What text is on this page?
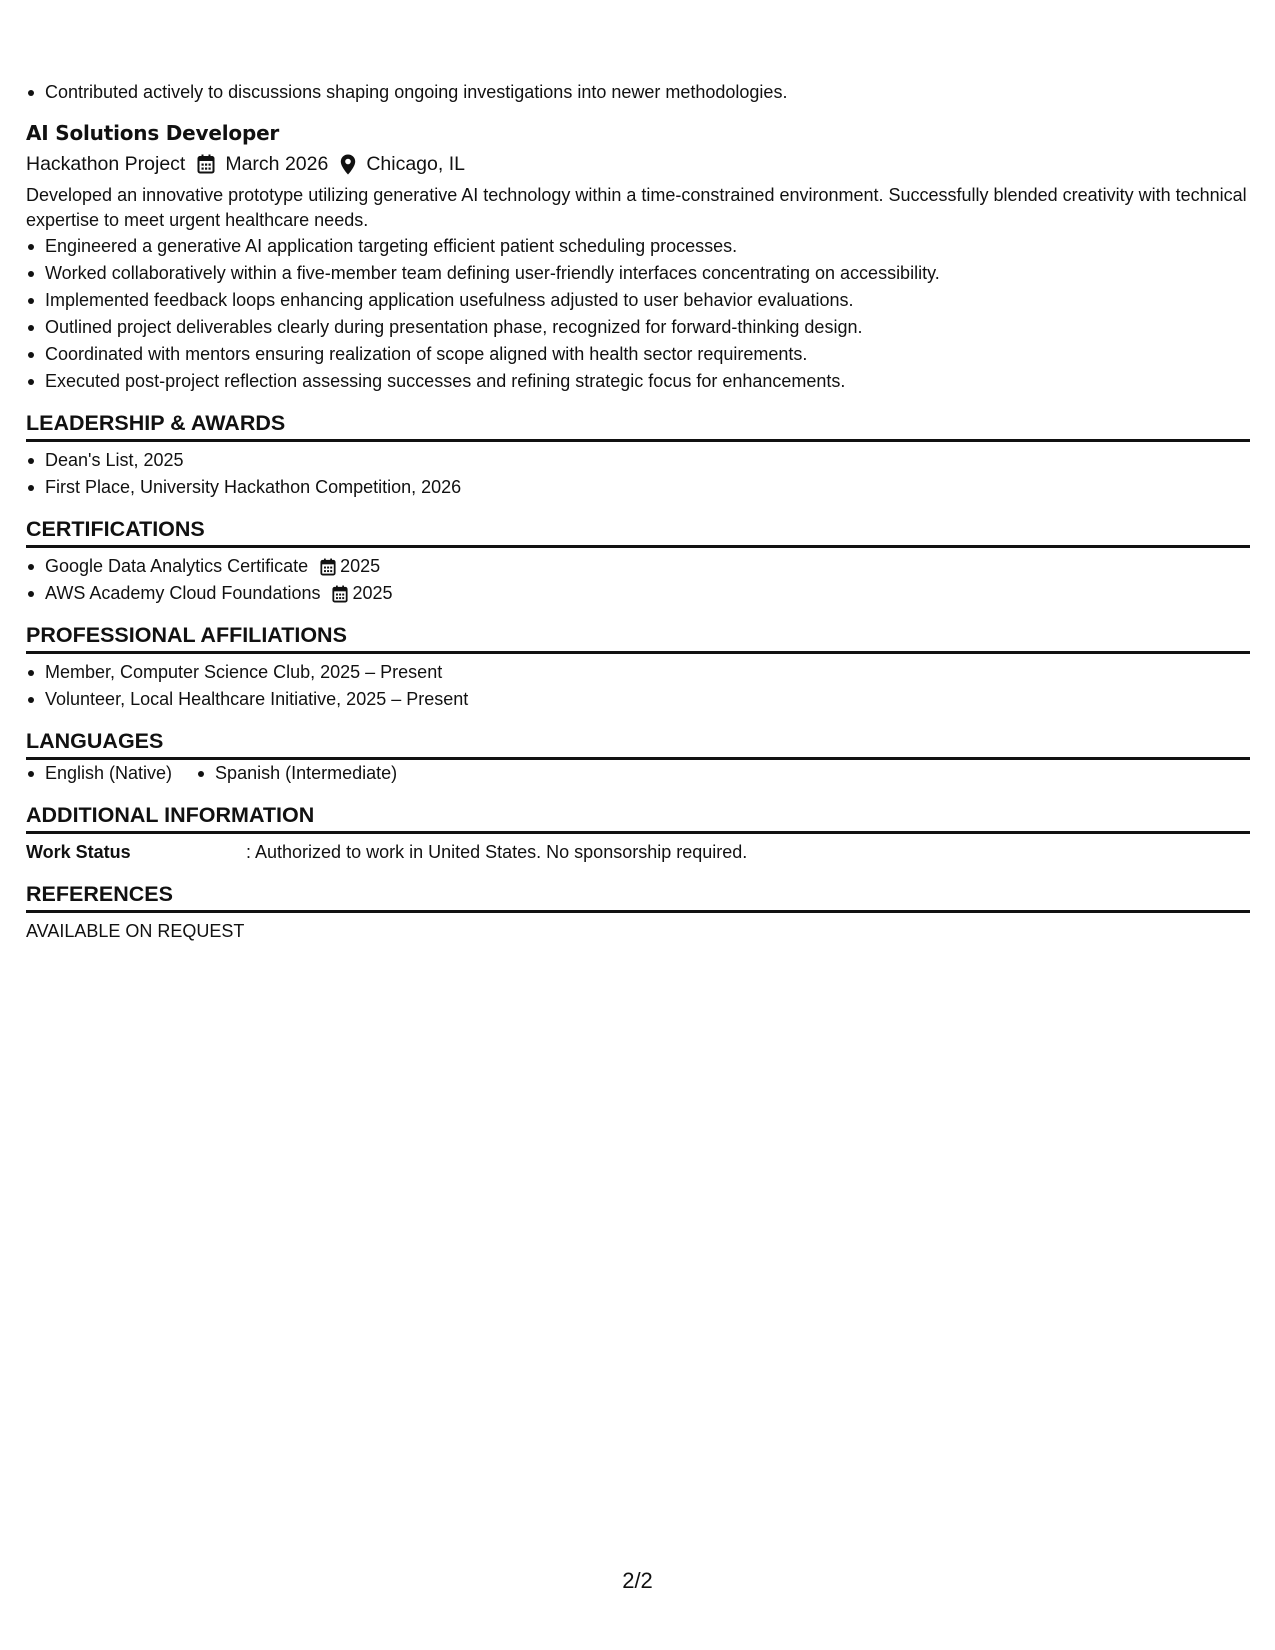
Contributed actively to discussions shaping ongoing investigations into newer methodologies.
AI Solutions Developer
Hackathon Project March 2026 Chicago, IL

Developed an innovative prototype utilizing generative AI technology within a time-constrained environment. Successfully blended creativity with technical expertise to meet urgent healthcare needs.

Engineered a generative AI application targeting efficient patient scheduling processes.
Worked collaboratively within a five-member team defining user-friendly interfaces concentrating on accessibility.
Implemented feedback loops enhancing application usefulness adjusted to user behavior evaluations.
Outlined project deliverables clearly during presentation phase, recognized for forward-thinking design.
Coordinated with mentors ensuring realization of scope aligned with health sector requirements.
Executed post-project reflection assessing successes and refining strategic focus for enhancements.
LEADERSHIP & AWARDS
Dean's List, 2025
First Place, University Hackathon Competition, 2026
CERTIFICATIONS
Google Data Analytics Certificate 2025
AWS Academy Cloud Foundations 2025
PROFESSIONAL AFFILIATIONS
Member, Computer Science Club, 2025 – Present
Volunteer, Local Healthcare Initiative, 2025 – Present
LANGUAGES
English (Native)	Spanish (Intermediate)
ADDITIONAL INFORMATION
Work Status	: Authorized to work in United States. No sponsorship required.
REFERENCES
AVAILABLE ON REQUEST
2/2
